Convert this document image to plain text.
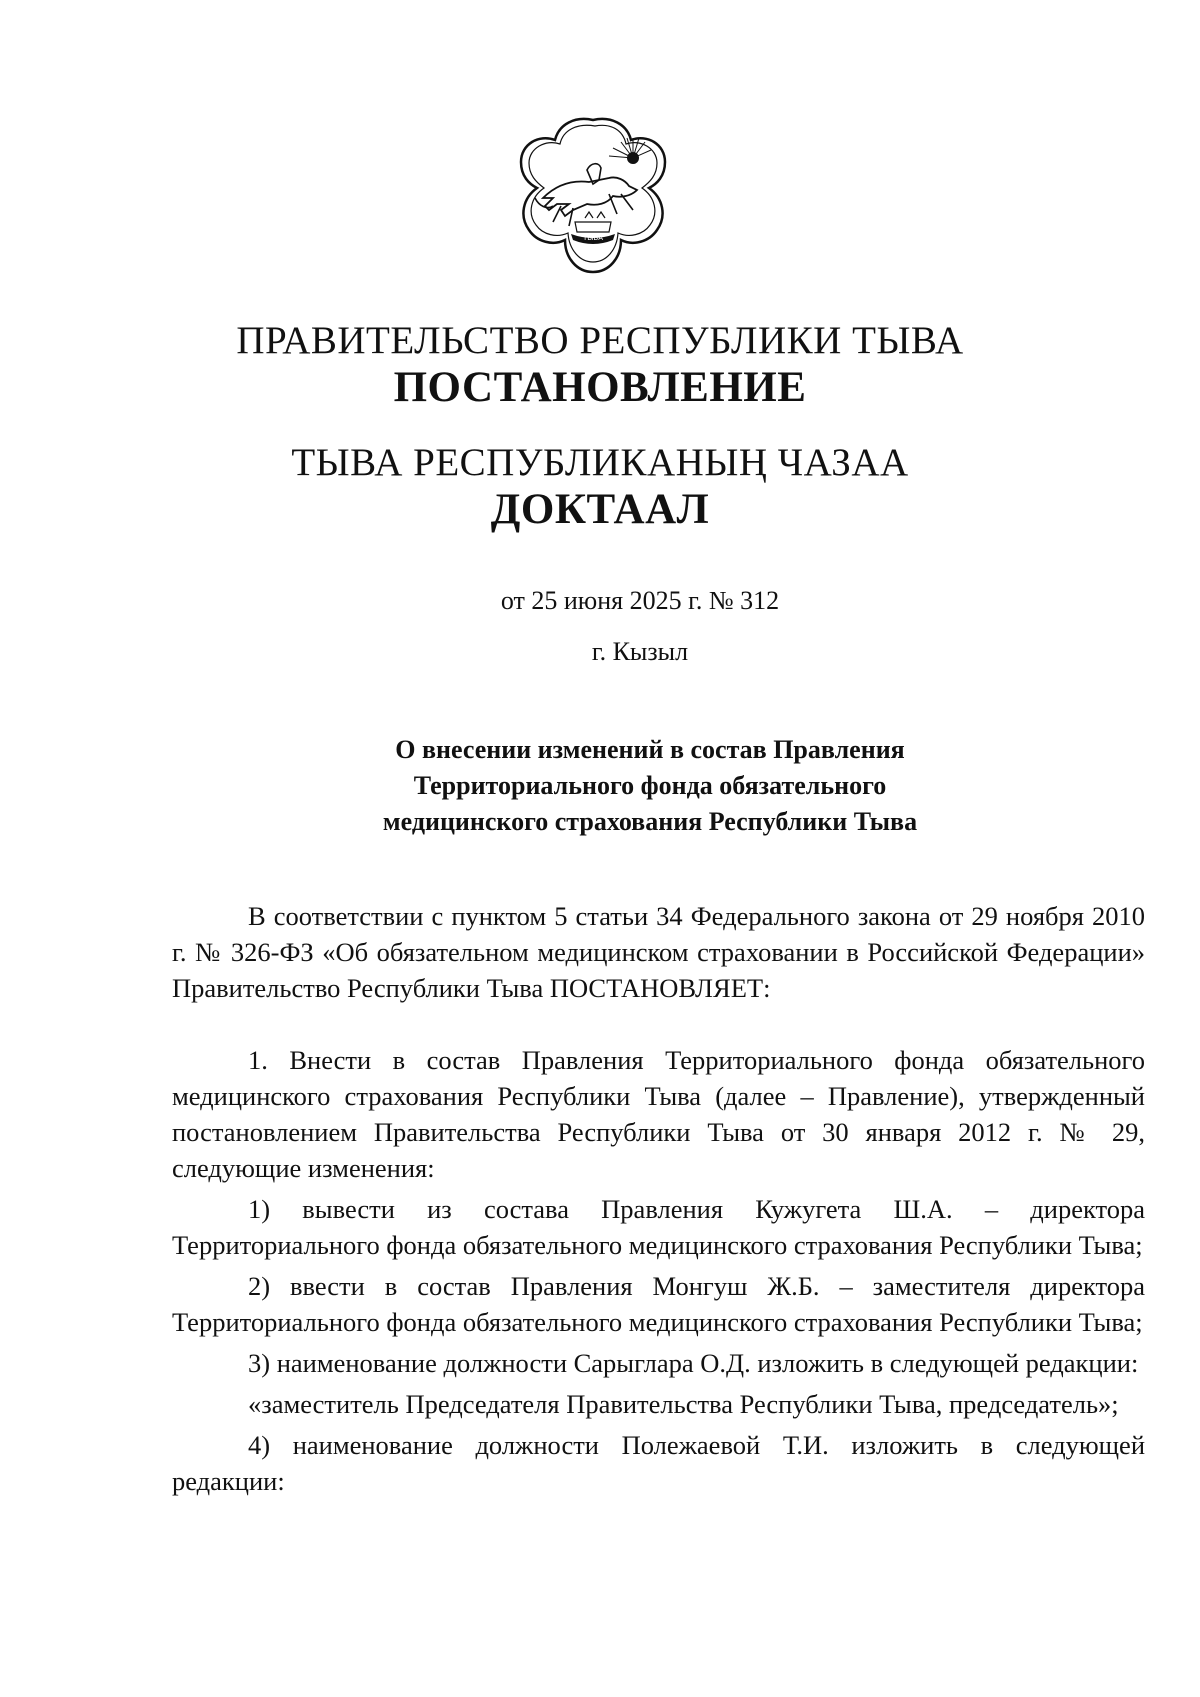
ТЫВА
ПРАВИТЕЛЬСТВО РЕСПУБЛИКИ ТЫВА
ПОСТАНОВЛЕНИЕ
ТЫВА РЕСПУБЛИКАНЫҢ ЧАЗАА
ДОКТААЛ
от 25 июня 2025 г. № 312
г. Кызыл
О внесении изменений в состав Правления
Территориального фонда обязательного
медицинского страхования Республики Тыва

В соответствии с пунктом 5 статьи 34 Федерального закона от 29 ноября 2010 г. № 326-ФЗ «Об обязательном медицинском страховании в Российской Федерации» Правительство Республики Тыва ПОСТАНОВЛЯЕТ:

1. Внести в состав Правления Территориального фонда обязательного медицинского страхования Республики Тыва (далее – Правление), утвержденный постановлением Правительства Республики Тыва от 30 января 2012 г. № 29, следующие изменения:

1) вывести из состава Правления Кужугета Ш.А. – директора Территориального фонда обязательного медицинского страхования Республики Тыва;

2) ввести в состав Правления Монгуш Ж.Б. – заместителя директора Территориального фонда обязательного медицинского страхования Республики Тыва;

3) наименование должности Сарыглара О.Д. изложить в следующей редакции:

«заместитель Председателя Правительства Республики Тыва, председатель»;

4) наименование должности Полежаевой Т.И. изложить в следующей редакции:
